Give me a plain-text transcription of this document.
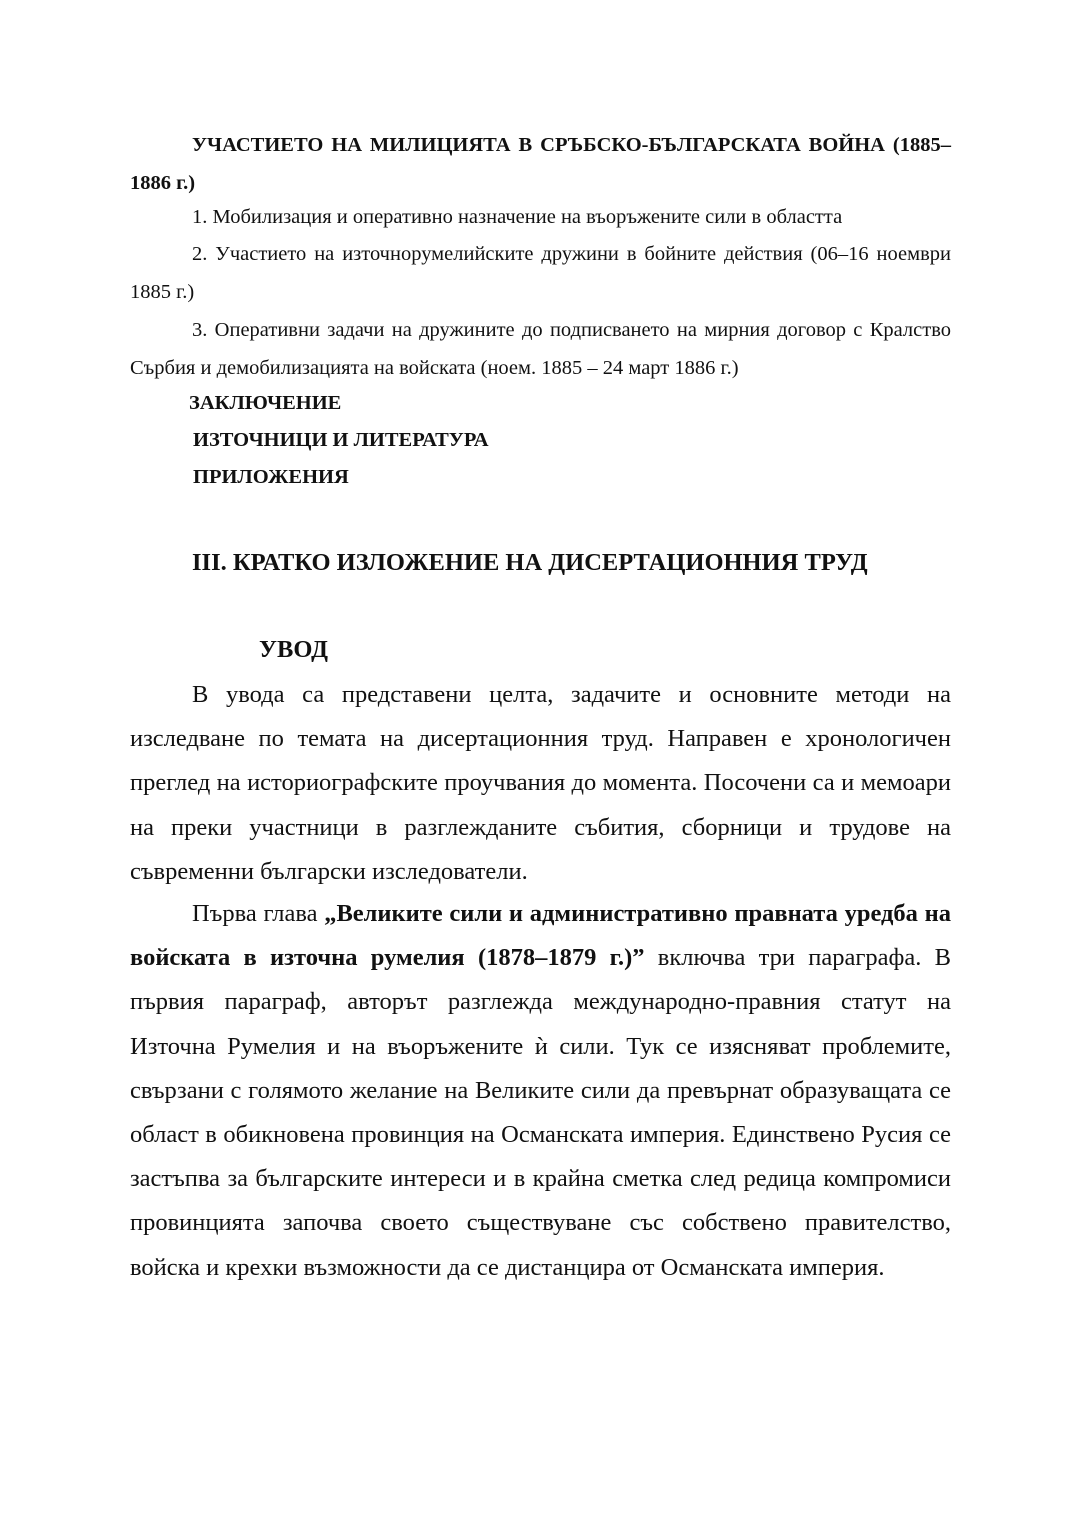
УЧАСТИЕТО НА МИЛИЦИЯТА В СРЪБСКО-БЪЛГАРСКАТА ВОЙНА (1885–1886 г.)

1. Мобилизация и оперативно назначение на въоръжените сили в областта

2. Участието на източнорумелийските дружини в бойните действия (06–16 ноември 1885 г.)

3. Оперативни задачи на дружините до подписването на мирния договор с Кралство Сърбия и демобилизацията на войската (ноем. 1885 – 24 март 1886 г.)

ЗАКЛЮЧЕНИЕ

ИЗТОЧНИЦИ И ЛИТЕРАТУРА

ПРИЛОЖЕНИЯ

III. КРАТКО ИЗЛОЖЕНИЕ НА ДИСЕРТАЦИОННИЯ ТРУД
УВОД

В увода са представени целта, задачите и основните методи на изследване по темата на дисертационния труд. Направен е хронологичен преглед на историографските проучвания до момента. Посочени са и мемоари на преки участници в разглежданите събития, сборници и трудове на съвременни български изследователи.

Първа глава „Великите сили и административно правната уредба на войската в източна румелия (1878–1879 г.)” включва три параграфа. В първия параграф, авторът разглежда международно-правния статут на Източна Румелия и на въоръжените ѝ сили. Тук се изясняват проблемите, свързани с голямото желание на Великите сили да превърнат образуващата се област в обикновена провинция на Османската империя. Единствено Русия се застъпва за българските интереси и в крайна сметка след редица компромиси провинцията започва своето съществуване със собствено правителство, войска и крехки възможности да се дистанцира от Османската империя.
